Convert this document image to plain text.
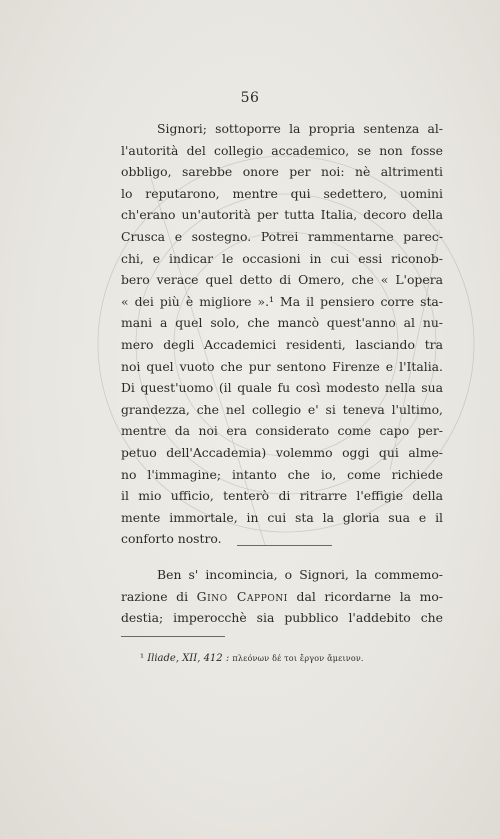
56
Signori; sottoporre la propria sentenza al-
l'autorità del collegio accademico, se non fosse
obbligo, sarebbe onore per noi: nè altrimenti
lo reputarono, mentre qui sedettero, uomini
ch'erano un'autorità per tutta Italia, decoro della
Crusca e sostegno. Potrei rammentarne parec-
chi, e indicar le occasioni in cui essi riconob-
bero verace quel detto di Omero, che « L'opera
« dei più è migliore ».¹ Ma il pensiero corre sta-
mani a quel solo, che mancò quest'anno al nu-
mero degli Accademici residenti, lasciando tra
noi quel vuoto che pur sentono Firenze e l'Italia.
Di quest'uomo (il quale fu così modesto nella sua
grandezza, che nel collegio e' si teneva l'ultimo,
mentre da noi era considerato come capo per-
petuo dell'Accademia) volemmo oggi qui alme-
no l'immagine; intanto che io, come richiede
il mio ufficio, tenterò di ritrarre l'effigie della
mente immortale, in cui sta la gloria sua e il
conforto nostro.
Ben s' incomincia, o Signori, la commemo-
razione di Gino Capponi dal ricordarne la mo-
destia; imperocchè sia pubblico l'addebito che
¹ Iliade, XII, 412 : πλεόνων δέ τοι ἔργον ἄμεινον.
